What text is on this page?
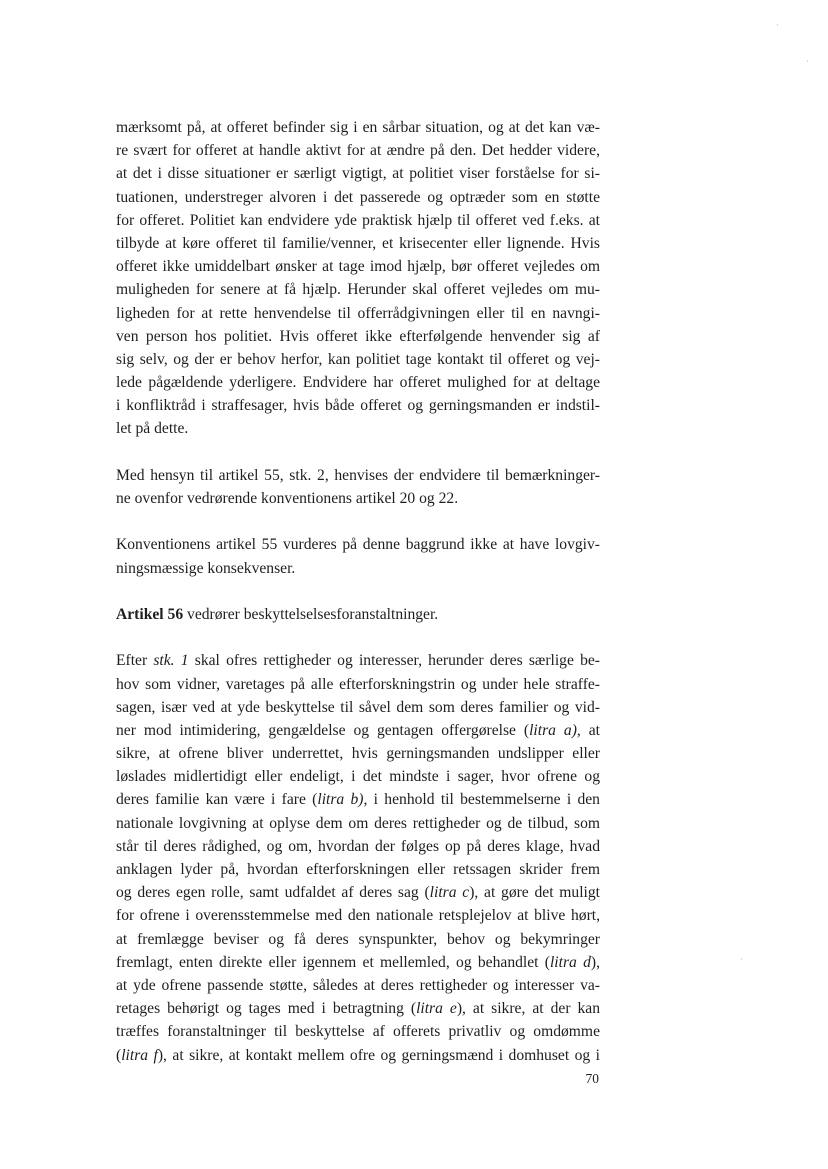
·
·
·
mærksomt på, at offeret befinder sig i en sårbar situation, og at det kan væ-
re svært for offeret at handle aktivt for at ændre på den. Det hedder videre,
at det i disse situationer er særligt vigtigt, at politiet viser forståelse for si-
tuationen, understreger alvoren i det passerede og optræder som en støtte
for offeret. Politiet kan endvidere yde praktisk hjælp til offeret ved f.eks. at
tilbyde at køre offeret til familie/venner, et krisecenter eller lignende. Hvis
offeret ikke umiddelbart ønsker at tage imod hjælp, bør offeret vejledes om
muligheden for senere at få hjælp. Herunder skal offeret vejledes om mu-
ligheden for at rette henvendelse til offerrådgivningen eller til en navngi-
ven person hos politiet. Hvis offeret ikke efterfølgende henvender sig af
sig selv, og der er behov herfor, kan politiet tage kontakt til offeret og vej-
lede pågældende yderligere. Endvidere har offeret mulighed for at deltage
i konfliktråd i straffesager, hvis både offeret og gerningsmanden er indstil-
let på dette.
Med hensyn til artikel 55, stk. 2, henvises der endvidere til bemærkninger-
ne ovenfor vedrørende konventionens artikel 20 og 22.
Konventionens artikel 55 vurderes på denne baggrund ikke at have lovgiv-
ningsmæssige konsekvenser.
Artikel 56 vedrører beskyttelselsesforanstaltninger.
Efter stk. 1 skal ofres rettigheder og interesser, herunder deres særlige be-
hov som vidner, varetages på alle efterforskningstrin og under hele straffe-
sagen, især ved at yde beskyttelse til såvel dem som deres familier og vid-
ner mod intimidering, gengældelse og gentagen offergørelse (litra a), at
sikre, at ofrene bliver underrettet, hvis gerningsmanden undslipper eller
løslades midlertidigt eller endeligt, i det mindste i sager, hvor ofrene og
deres familie kan være i fare (litra b), i henhold til bestemmelserne i den
nationale lovgivning at oplyse dem om deres rettigheder og de tilbud, som
står til deres rådighed, og om, hvordan der følges op på deres klage, hvad
anklagen lyder på, hvordan efterforskningen eller retssagen skrider frem
og deres egen rolle, samt udfaldet af deres sag (litra c), at gøre det muligt
for ofrene i overensstemmelse med den nationale retsplejelov at blive hørt,
at fremlægge beviser og få deres synspunkter, behov og bekymringer
fremlagt, enten direkte eller igennem et mellemled, og behandlet (litra d),
at yde ofrene passende støtte, således at deres rettigheder og interesser va-
retages behørigt og tages med i betragtning (litra e), at sikre, at der kan
træffes foranstaltninger til beskyttelse af offerets privatliv og omdømme
(litra f), at sikre, at kontakt mellem ofre og gerningsmænd i domhuset og i
70
